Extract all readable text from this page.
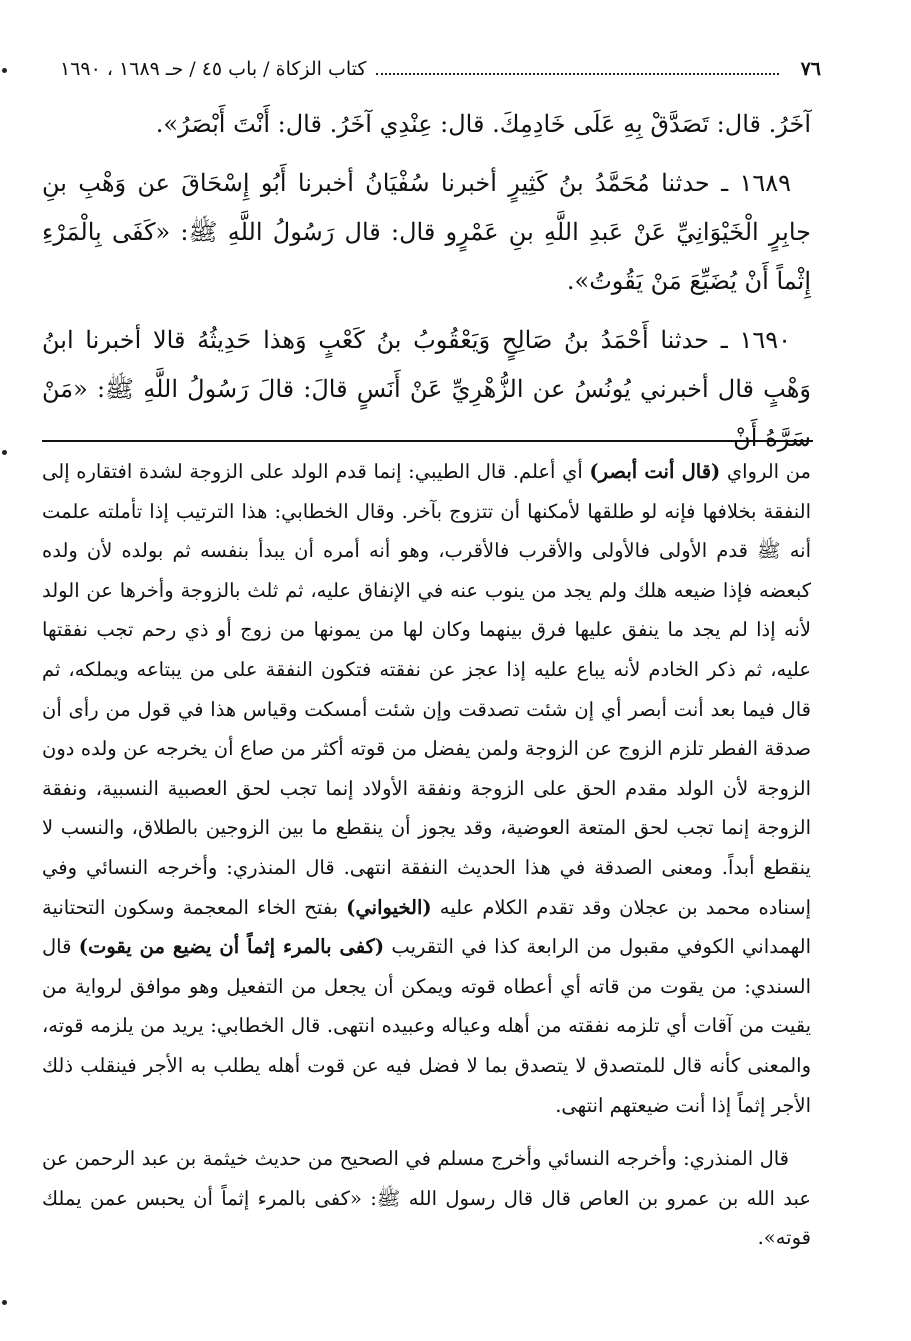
٧٦
كتاب الزكاة / باب ٤٥ / حـ ١٦٨٩ ، ١٦٩٠

آخَرُ. قال: تَصَدَّقْ بِهِ عَلَى خَادِمِكَ. قال: عِنْدِي آخَرُ. قال: أَنْتَ أَبْصَرُ».

١٦٨٩ ـ حدثنا مُحَمَّدُ بنُ كَثِيرٍ أخبرنا سُفْيَانُ أخبرنا أَبُو إِسْحَاقَ عن وَهْبِ بنِ جابِرٍ الْخَيْوَانِيِّ عَنْ عَبدِ اللَّهِ بنِ عَمْرٍو قال: قال رَسُولُ اللَّهِ ﷺ: «كَفَى بِالْمَرْءِ إِثْماً أَنْ يُضَيِّعَ مَنْ يَقُوتُ».

١٦٩٠ ـ حدثنا أَحْمَدُ بنُ صَالِحٍ وَيَعْقُوبُ بنُ كَعْبٍ وَهذا حَدِيثُهُ قالا أخبرنا ابنُ وَهْبٍ قال أخبرني يُونُسُ عن الزُّهْرِيِّ عَنْ أَنَسٍ قالَ: قالَ رَسُولُ اللَّهِ ﷺ: «مَنْ سَرَّهُ أَنْ

من الرواي (قال أنت أبصر) أي أعلم. قال الطيبي: إنما قدم الولد على الزوجة لشدة افتقاره إلى النفقة بخلافها فإنه لو طلقها لأمكنها أن تتزوج بآخر. وقال الخطابي: هذا الترتيب إذا تأملته علمت أنه ﷺ قدم الأولى فالأولى والأقرب فالأقرب، وهو أنه أمره أن يبدأ بنفسه ثم بولده لأن ولده كبعضه فإذا ضيعه هلك ولم يجد من ينوب عنه في الإنفاق عليه، ثم ثلث بالزوجة وأخرها عن الولد لأنه إذا لم يجد ما ينفق عليها فرق بينهما وكان لها من يمونها من زوج أو ذي رحم تجب نفقتها عليه، ثم ذكر الخادم لأنه يباع عليه إذا عجز عن نفقته فتكون النفقة على من يبتاعه ويملكه، ثم قال فيما بعد أنت أبصر أي إن شئت تصدقت وإن شئت أمسكت وقياس هذا في قول من رأى أن صدقة الفطر تلزم الزوج عن الزوجة ولمن يفضل من قوته أكثر من صاع أن يخرجه عن ولده دون الزوجة لأن الولد مقدم الحق على الزوجة ونفقة الأولاد إنما تجب لحق العصبية النسبية، ونفقة الزوجة إنما تجب لحق المتعة العوضية، وقد يجوز أن ينقطع ما بين الزوجين بالطلاق، والنسب لا ينقطع أبداً. ومعنى الصدقة في هذا الحديث النفقة انتهى. قال المنذري: وأخرجه النسائي وفي إسناده محمد بن عجلان وقد تقدم الكلام عليه (الخيواني) بفتح الخاء المعجمة وسكون التحتانية الهمداني الكوفي مقبول من الرابعة كذا في التقريب (كفى بالمرء إثماً أن يضيع من يقوت) قال السندي: من يقوت من قاته أي أعطاه قوته ويمكن أن يجعل من التفعيل وهو موافق لرواية من يقيت من آقات أي تلزمه نفقته من أهله وعياله وعبيده انتهى. قال الخطابي: يريد من يلزمه قوته، والمعنى كأنه قال للمتصدق لا يتصدق بما لا فضل فيه عن قوت أهله يطلب به الأجر فينقلب ذلك الأجر إثماً إذا أنت ضيعتهم انتهى.

قال المنذري: وأخرجه النسائي وأخرج مسلم في الصحيح من حديث خيثمة بن عبد الرحمن عن عبد الله بن عمرو بن العاص قال قال رسول الله ﷺ: «كفى بالمرء إثماً أن يحبس عمن يملك قوته».
